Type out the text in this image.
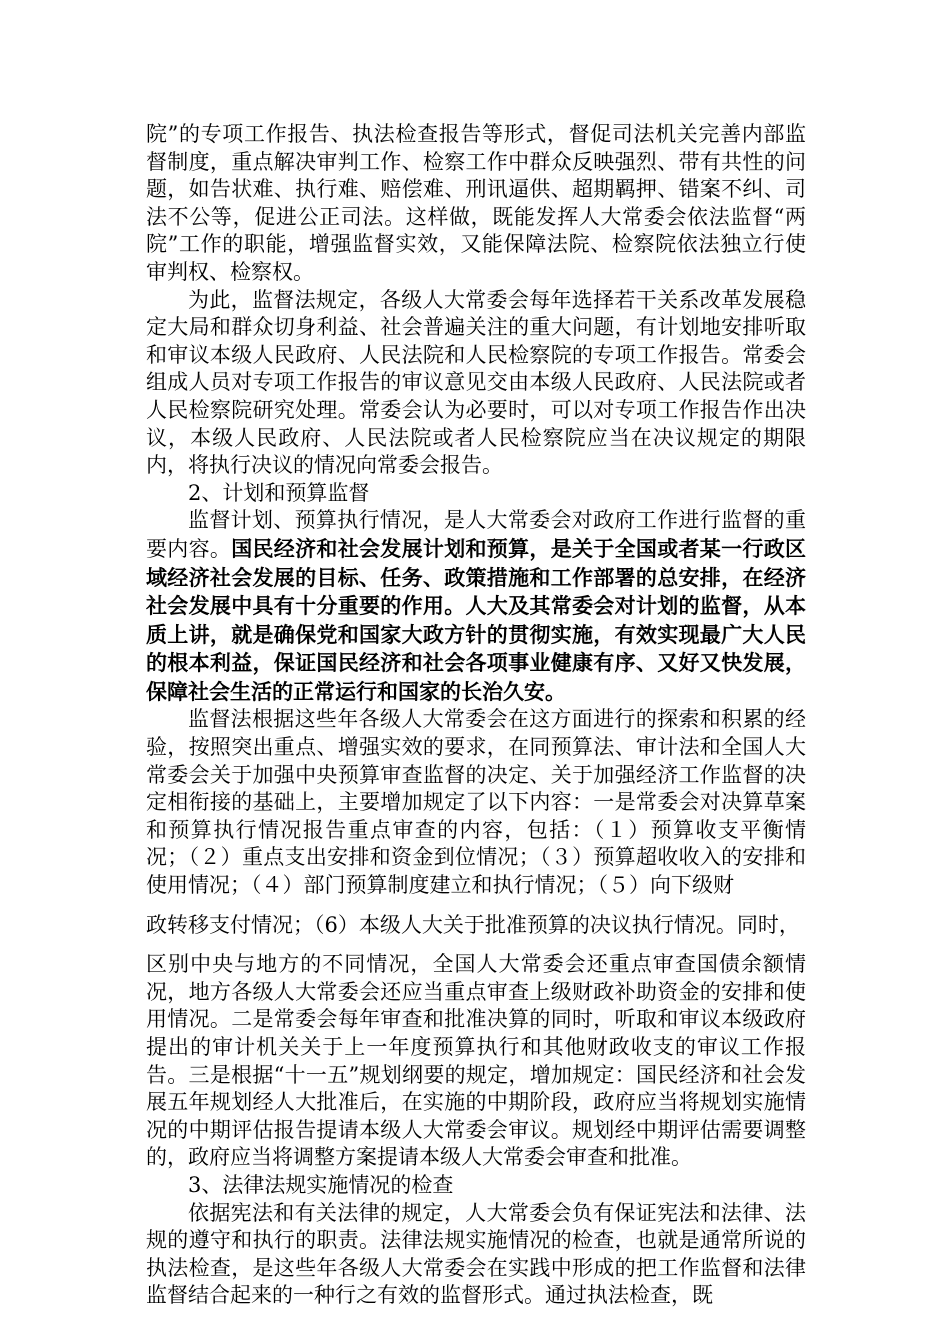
院”的专项工作报告、执法检查报告等形式，督促司法机关完善内部监督制度，重点解决审判工作、检察工作中群众反映强烈、带有共性的问题，如告状难、执行难、赔偿难、刑讯逼供、超期羁押、错案不纠、司法不公等，促进公正司法。这样做，既能发挥人大常委会依法监督“两院”工作的职能，增强监督实效，又能保障法院、检察院依法独立行使审判权、检察权。

为此，监督法规定，各级人大常委会每年选择若干关系改革发展稳定大局和群众切身利益、社会普遍关注的重大问题，有计划地安排听取和审议本级人民政府、人民法院和人民检察院的专项工作报告。常委会组成人员对专项工作报告的审议意见交由本级人民政府、人民法院或者人民检察院研究处理。常委会认为必要时，可以对专项工作报告作出决议，本级人民政府、人民法院或者人民检察院应当在决议规定的期限内，将执行决议的情况向常委会报告。

2、计划和预算监督

监督计划、预算执行情况，是人大常委会对政府工作进行监督的重要内容。国民经济和社会发展计划和预算，是关于全国或者某一行政区域经济社会发展的目标、任务、政策措施和工作部署的总安排，在经济社会发展中具有十分重要的作用。人大及其常委会对计划的监督，从本质上讲，就是确保党和国家大政方针的贯彻实施，有效实现最广大人民的根本利益，保证国民经济和社会各项事业健康有序、又好又快发展，保障社会生活的正常运行和国家的长治久安。

监督法根据这些年各级人大常委会在这方面进行的探索和积累的经验，按照突出重点、增强实效的要求，在同预算法、审计法和全国人大常委会关于加强中央预算审查监督的决定、关于加强经济工作监督的决定相衔接的基础上，主要增加规定了以下内容：一是常委会对决算草案和预算执行情况报告重点审查的内容，包括：（１）预算收支平衡情况；（２）重点支出安排和资金到位情况；（３）预算超收收入的安排和使用情况；（４）部门预算制度建立和执行情况；（５）向下级财

政转移支付情况；（6）本级人大关于批准预算的决议执行情况。同时，

区别中央与地方的不同情况，全国人大常委会还重点审查国债余额情况，地方各级人大常委会还应当重点审查上级财政补助资金的安排和使用情况。二是常委会每年审查和批准决算的同时，听取和审议本级政府提出的审计机关关于上一年度预算执行和其他财政收支的审议工作报告。三是根据“十一五”规划纲要的规定，增加规定：国民经济和社会发展五年规划经人大批准后，在实施的中期阶段，政府应当将规划实施情况的中期评估报告提请本级人大常委会审议。规划经中期评估需要调整的，政府应当将调整方案提请本级人大常委会审查和批准。

3、法律法规实施情况的检查

依据宪法和有关法律的规定，人大常委会负有保证宪法和法律、法规的遵守和执行的职责。法律法规实施情况的检查，也就是通常所说的执法检查，是这些年各级人大常委会在实践中形成的把工作监督和法律监督结合起来的一种行之有效的监督形式。通过执法检查，既
